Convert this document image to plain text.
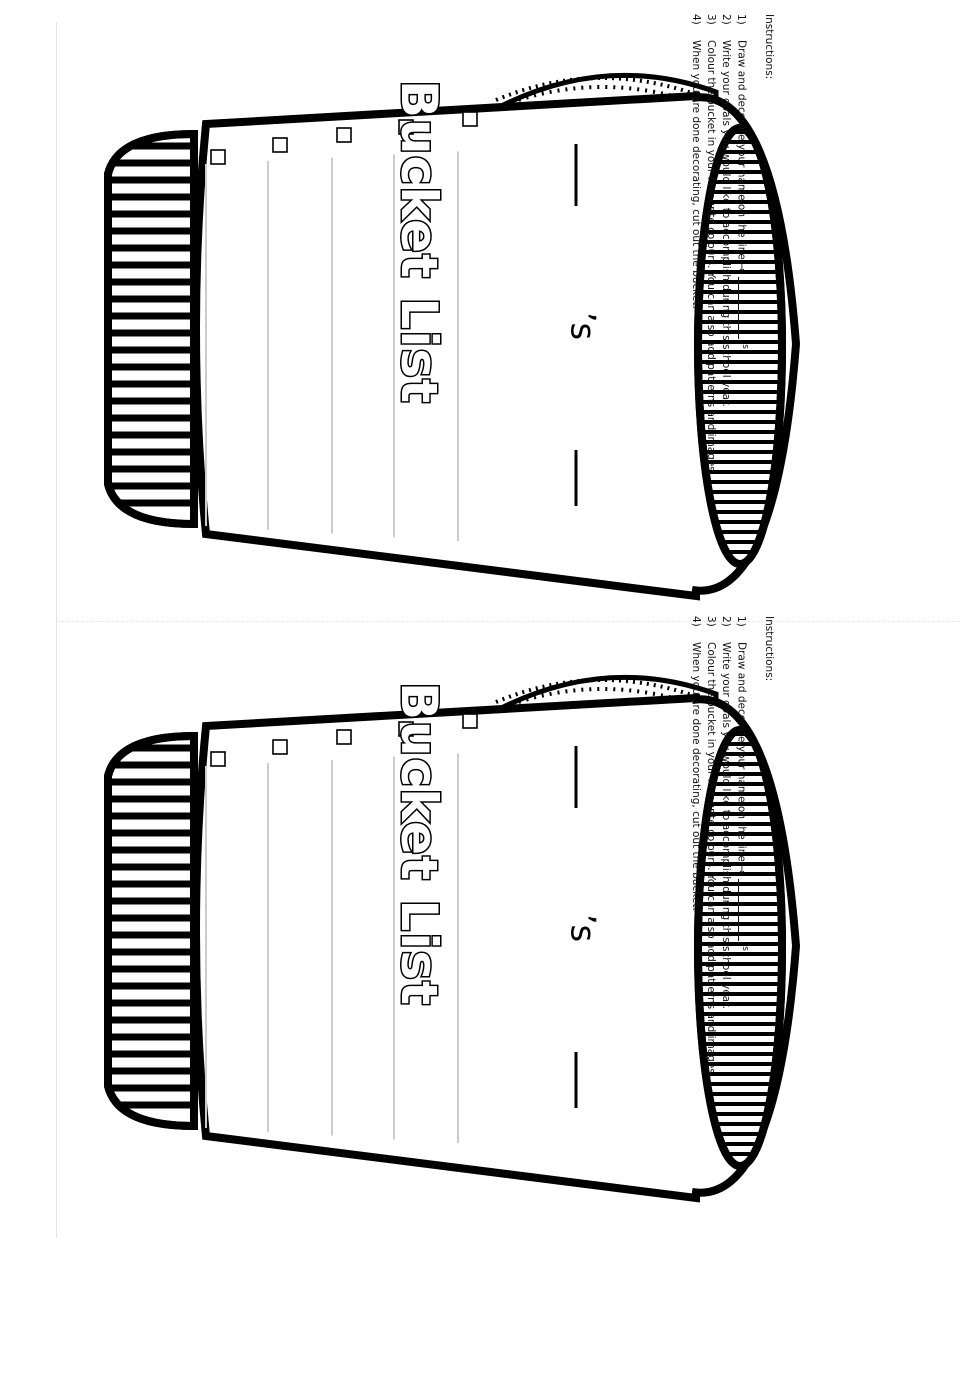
Bucket List	’s
Instructions:
1)Draw and decorate your name on the line → ’s
2)Write your goals you would like to accomplish during this school year.
3)Colour the bucket in your favourite colours. You can also add patterns and images.
4)When you are done decorating, cut out the bucket.
Bucket List	’s
Instructions:
1)Draw and decorate your name on the line → ’s
2)Write your goals you would like to accomplish during this school year.
3)Colour the bucket in your favourite colours. You can also add patterns and images.
4)When you are done decorating, cut out the bucket.
